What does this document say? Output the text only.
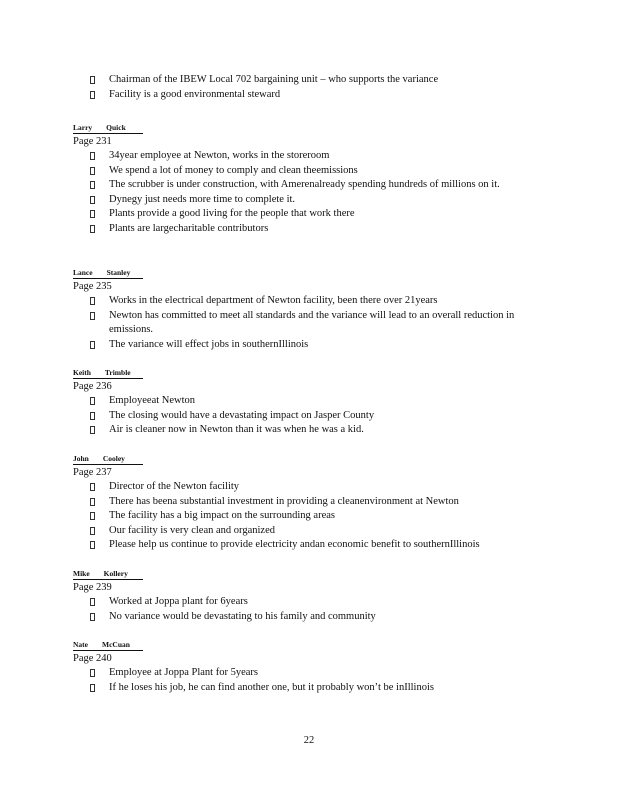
Chairman of the IBEW Local 702 bargaining unit – who supports the variance
Facility is a good environmental steward
Larry Quick
Page 231
34year employee at Newton, works in the storeroom
We spend a lot of money to comply and clean theemissions
The scrubber is under construction, with Amerenalready spending hundreds of millions on it.
Dynegy just needs more time to complete it.
Plants provide a good living for the people that work there
Plants are largecharitable contributors
Lance Stanley
Page 235
Works in the electrical department of Newton facility, been there over 21years
Newton has committed to meet all standards and the variance will lead to an overall reduction in emissions.
The variance will effect jobs in southernIllinois
Keith Trimble
Page 236
Employeeat Newton
The closing would have a devastating impact on Jasper County
Air is cleaner now in Newton than it was when he was a kid.
John Cooley
Page 237
Director of the Newton facility
There has beena substantial investment in providing a cleanenvironment at Newton
The facility has a big impact on the surrounding areas
Our facility is very clean and organized
Please help us continue to provide electricity andan economic benefit to southernIllinois
Mike Kollery
Page 239
Worked at Joppa plant for 6years
No variance would be devastating to his family and community
Nate McCuan
Page 240
Employee at Joppa Plant for 5years
If he loses his job, he can find another one, but it probably won’t be inIllinois
22
